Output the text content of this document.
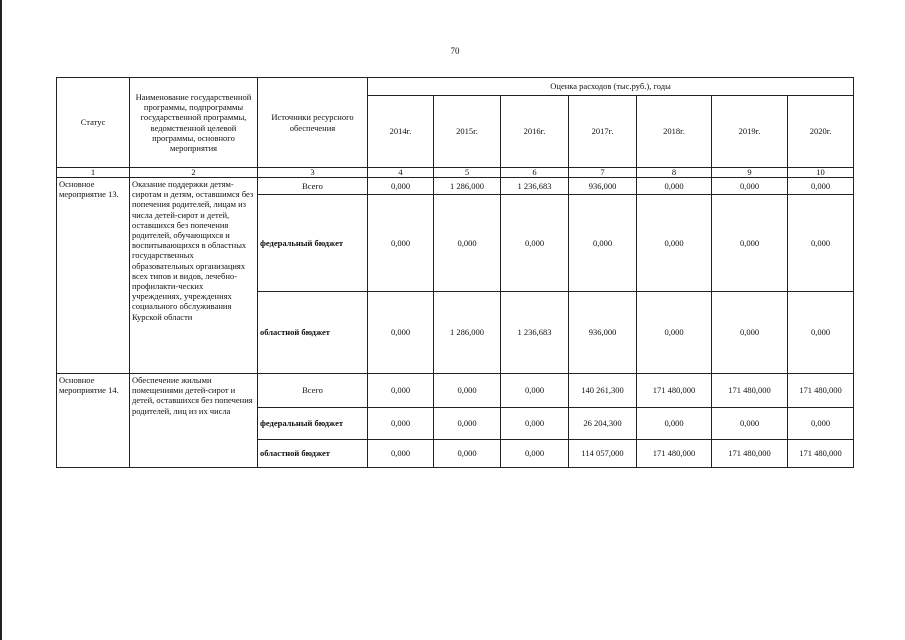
70
Статус	Наименование государственной программы, подпрограммы государственной программы, ведомственной целевой программы, основного мероприятия	Источники ресурсного обеспечения	Оценка расходов (тыс.руб.), годы						
			2014г.	2015г.	2016г.	2017г.	2018г.	2019г.	2020г.
1	2	3	4	5	6	7	8	9	10
Основное мероприятие 13.	Оказание поддержки детям-сиротам и детям, оставшимся без попечения родителей, лицам из числа детей-сирот и детей, оставшихся без попечения родителей, обучающихся и воспитывающихся в областных государственных образовательных организациях всех типов и видов, лечебно-профилакти-ческих учреждениях, учреждениях социального обслуживания Курской области	Всего	0,000	1 286,000	1 236,683	936,000	0,000	0,000	0,000
		федеральный бюджет	0,000	0,000	0,000	0,000	0,000	0,000	0,000
		областной бюджет	0,000	1 286,000	1 236,683	936,000	0,000	0,000	0,000
Основное мероприятие 14.	Обеспечение жилыми помещениями детей-сирот и детей, оставшихся без попечения родителей, лиц из их числа	Всего	0,000	0,000	0,000	140 261,300	171 480,000	171 480,000	171 480,000
		федеральный бюджет	0,000	0,000	0,000	26 204,300	0,000	0,000	0,000
		областной бюджет	0,000	0,000	0,000	114 057,000	171 480,000	171 480,000	171 480,000
